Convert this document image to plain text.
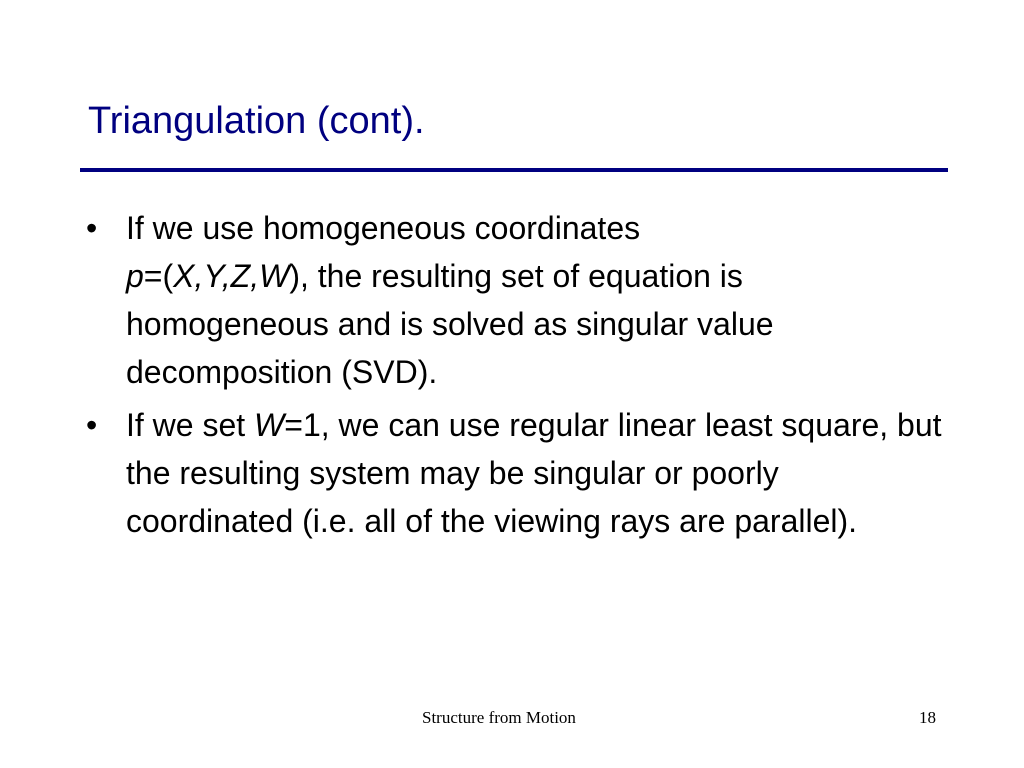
Triangulation (cont).
• If we use homogeneous coordinates
p=(X,Y,Z,W), the resulting set of equation is homogeneous and is solved as singular value decomposition (SVD).
• If we set W=1, we can use regular linear least square, but the resulting system may be singular or poorly coordinated (i.e. all of the viewing rays are parallel).
Structure from Motion	18
